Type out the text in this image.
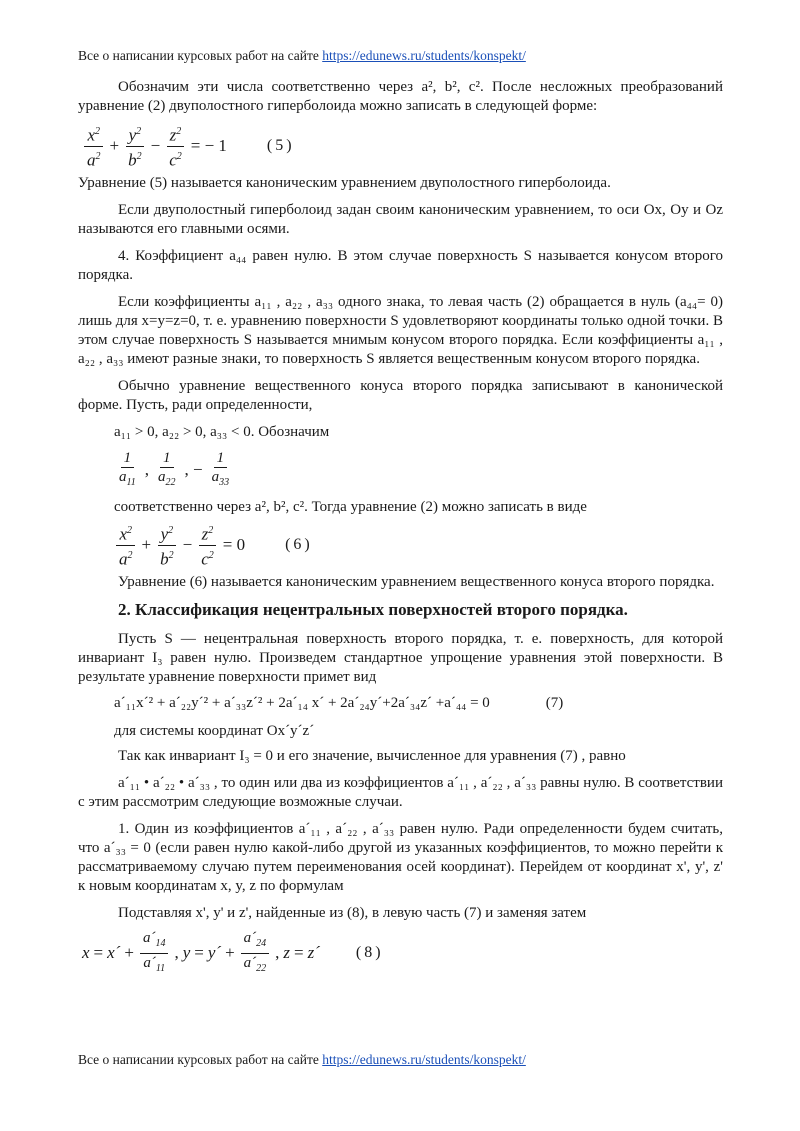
Все о написании курсовых работ на сайте https://edunews.ru/students/konspekt/

Обозначим эти числа соответственно через a², b², c². После несложных преобразований уравнение (2) двуполостного гиперболоида можно записать в следующей форме:

$\frac{x^2}{a^2} + \frac{y^2}{b^2} - \frac{z^2}{c^2}$ = − 1	(5)

Уравнение (5) называется каноническим уравнением двуполостного гиперболоида.

Если двуполостный гиперболоид задан своим каноническим уравнением, то оси Ox, Oy и Oz называются его главными осями.

4. Коэффициент a₄₄ равен нулю. В этом случае поверхность S называется конусом второго порядка.

Если коэффициенты a₁₁ , a₂₂ , a₃₃ одного знака, то левая часть (2) обращается в нуль (a₄₄= 0) лишь для x=y=z=0, т. е. уравнению поверхности S удовлетворяют координаты только одной точки. В этом случае поверхность S называется мнимым конусом второго порядка. Если коэффициенты a₁₁ , a₂₂ , a₃₃ имеют разные знаки, то поверхность S является вещественным конусом второго порядка.

Обычно уравнение вещественного конуса второго порядка записывают в канонической форме. Пусть, ради определенности,

a₁₁ > 0, a₂₂ > 0, a₃₃ < 0. Обозначим

$\frac{1}{a_{11}}$ , $\frac{1}{a_{22}}$ , − $\frac{1}{a_{33}}$

соответственно через a², b², c². Тогда уравнение (2) можно записать в виде

$\frac{x^2}{a^2} + \frac{y^2}{b^2} - \frac{z^2}{c^2} = 0$	(6)

Уравнение (6) называется каноническим уравнением вещественного конуса второго порядка.

2. Классификация нецентральных поверхностей второго порядка.

Пусть S — нецентральная поверхность второго порядка, т. е. поверхность, для которой инвариант I₃ равен нулю. Произведем стандартное упрощение уравнения этой поверхности. В результате уравнение поверхности примет вид

a´₁₁x´² + a´₂₂y´² + a´₃₃z´² + 2a´₁₄ x´ + 2a´₂₄y´+2a´₃₄z´ +a´₄₄ = 0	(7)

для системы координат Ox´y´z´

Так как инвариант I₃ = 0 и его значение, вычисленное для уравнения (7) , равно

a´₁₁ • a´₂₂ • a´₃₃ , то один или два из коэффициентов a´₁₁ , a´₂₂ , a´₃₃ равны нулю. В соответствии с этим рассмотрим следующие возможные случаи.

1. Один из коэффициентов a´₁₁ , a´₂₂ , a´₃₃ равен нулю. Ради определенности будем считать, что a´₃₃ = 0 (если равен нулю какой-либо другой из указанных коэффициентов, то можно перейти к рассматриваемому случаю путем переименования осей координат). Перейдем от координат x', y', z' к новым координатам x, y, z по формулам

Подставляя x', y' и z', найденные из (8), в левую часть (7) и заменяя затем

x = x´ + $\frac{a´_{14}}{a´_{11}}$ , y = y´ + $\frac{a´_{24}}{a´_{22}}$ , z = z´ (8)
Все о написании курсовых работ на сайте https://edunews.ru/students/konspekt/
